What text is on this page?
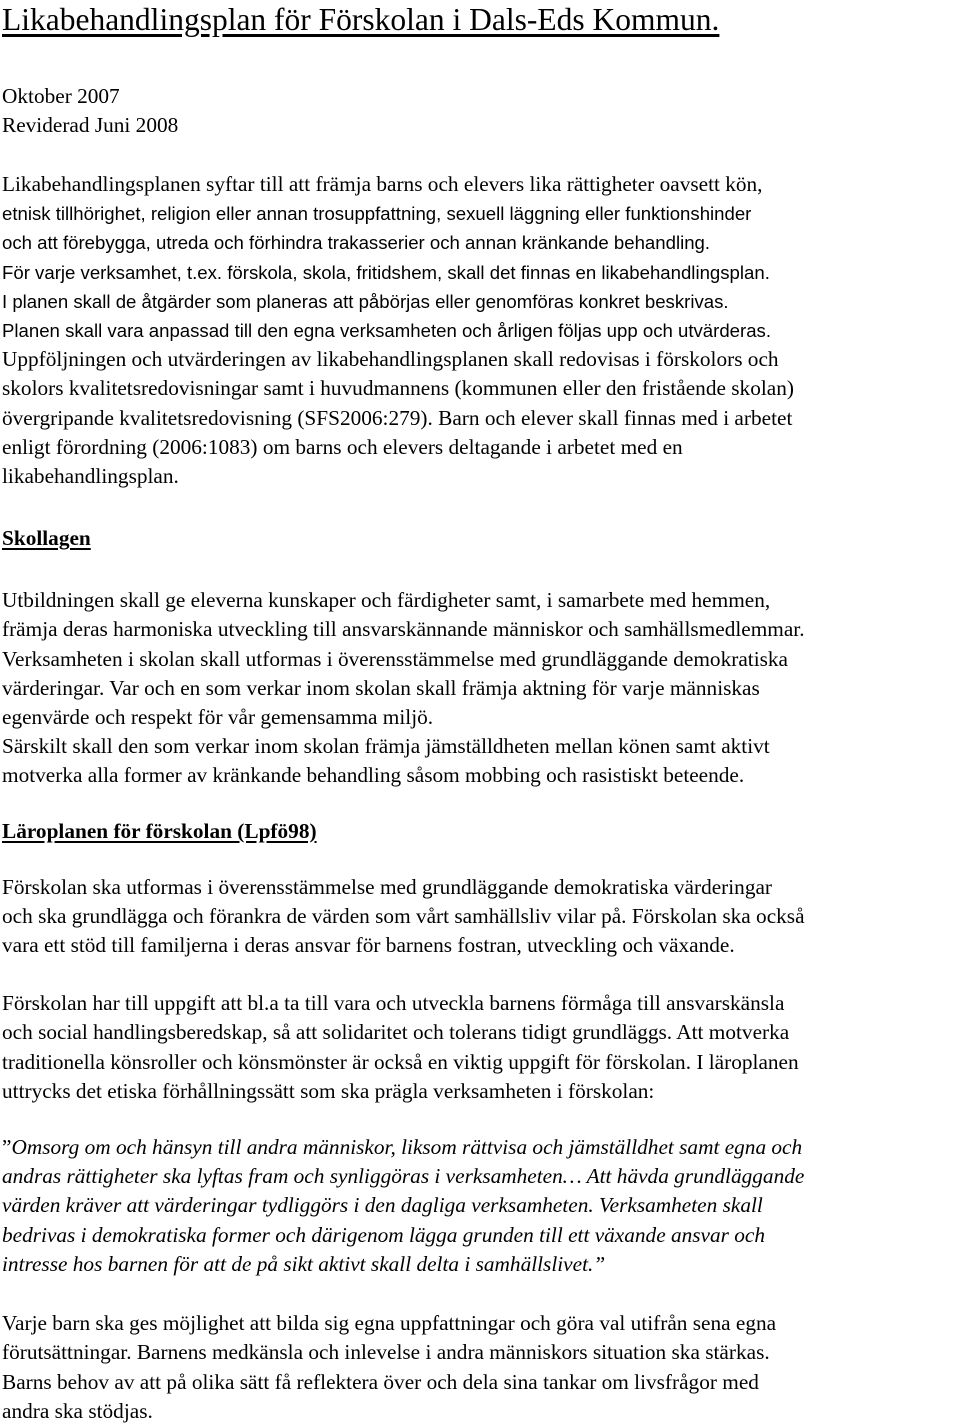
Likabehandlingsplan för Förskolan i Dals-Eds Kommun.
Oktober 2007
Reviderad Juni 2008
Likabehandlingsplanen syftar till att främja barns och elevers lika rättigheter oavsett kön,
etnisk tillhörighet, religion eller annan trosuppfattning, sexuell läggning eller funktionshinder
och att förebygga, utreda och förhindra trakasserier och annan kränkande behandling.
För varje verksamhet, t.ex. förskola, skola, fritidshem, skall det finnas en likabehandlingsplan.
I planen skall de åtgärder som planeras att påbörjas eller genomföras konkret beskrivas.
Planen skall vara anpassad till den egna verksamheten och årligen följas upp och utvärderas.
Uppföljningen och utvärderingen av likabehandlingsplanen skall redovisas i förskolors och
skolors kvalitetsredovisningar samt i huvudmannens (kommunen eller den fristående skolan)
övergripande kvalitetsredovisning (SFS2006:279). Barn och elever skall finnas med i arbetet
enligt förordning (2006:1083) om barns och elevers deltagande i arbetet med en
likabehandlingsplan.
Skollagen
Utbildningen skall ge eleverna kunskaper och färdigheter samt, i samarbete med hemmen,
främja deras harmoniska utveckling till ansvarskännande människor och samhällsmedlemmar.
Verksamheten i skolan skall utformas i överensstämmelse med grundläggande demokratiska
värderingar. Var och en som verkar inom skolan skall främja aktning för varje människas
egenvärde och respekt för vår gemensamma miljö.
Särskilt skall den som verkar inom skolan främja jämställdheten mellan könen samt aktivt
motverka alla former av kränkande behandling såsom mobbing och rasistiskt beteende.
Läroplanen för förskolan (Lpfö98)
Förskolan ska utformas i överensstämmelse med grundläggande demokratiska värderingar
och ska grundlägga och förankra de värden som vårt samhällsliv vilar på. Förskolan ska också
vara ett stöd till familjerna i deras ansvar för barnens fostran, utveckling och växande.
Förskolan har till uppgift att bl.a ta till vara och utveckla barnens förmåga till ansvarskänsla
och social handlingsberedskap, så att solidaritet och tolerans tidigt grundläggs. Att motverka
traditionella könsroller och könsmönster är också en viktig uppgift för förskolan. I läroplanen
uttrycks det etiska förhållningssätt som ska prägla verksamheten i förskolan:
”Omsorg om och hänsyn till andra människor, liksom rättvisa och jämställdhet samt egna och
andras rättigheter ska lyftas fram och synliggöras i verksamheten… Att hävda grundläggande
värden kräver att värderingar tydliggörs i den dagliga verksamheten. Verksamheten skall
bedrivas i demokratiska former och därigenom lägga grunden till ett växande ansvar och
intresse hos barnen för att de på sikt aktivt skall delta i samhällslivet.”
Varje barn ska ges möjlighet att bilda sig egna uppfattningar och göra val utifrån sena egna
förutsättningar. Barnens medkänsla och inlevelse i andra människors situation ska stärkas.
Barns behov av att på olika sätt få reflektera över och dela sina tankar om livsfrågor med
andra ska stödjas.
